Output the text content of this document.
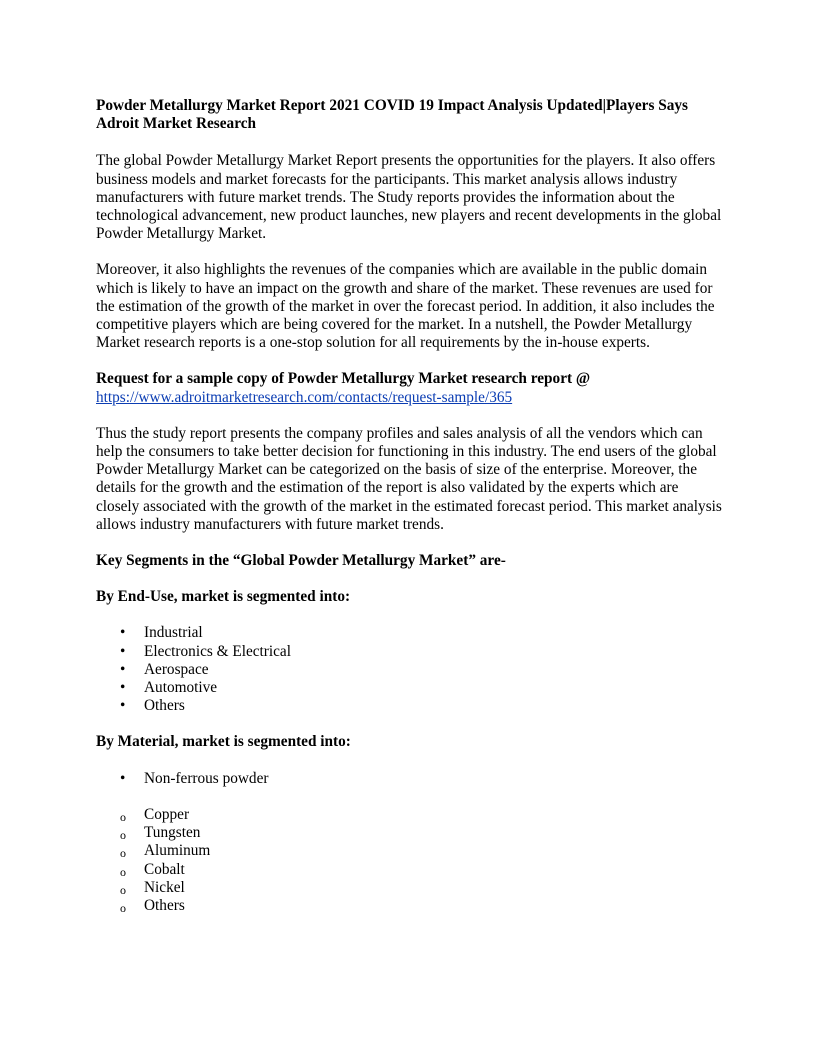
Powder Metallurgy Market Report 2021 COVID 19 Impact Analysis Updated|Players Says Adroit Market Research

The global Powder Metallurgy Market Report presents the opportunities for the players. It also offers business models and market forecasts for the participants. This market analysis allows industry manufacturers with future market trends. The Study reports provides the information about the technological advancement, new product launches, new players and recent developments in the global Powder Metallurgy Market.

Moreover, it also highlights the revenues of the companies which are available in the public domain which is likely to have an impact on the growth and share of the market. These revenues are used for the estimation of the growth of the market in over the forecast period. In addition, it also includes the competitive players which are being covered for the market. In a nutshell, the Powder Metallurgy Market research reports is a one-stop solution for all requirements by the in-house experts.

Request for a sample copy of Powder Metallurgy Market research report @
https://www.adroitmarketresearch.com/contacts/request-sample/365

Thus the study report presents the company profiles and sales analysis of all the vendors which can help the consumers to take better decision for functioning in this industry. The end users of the global Powder Metallurgy Market can be categorized on the basis of size of the enterprise. Moreover, the details for the growth and the estimation of the report is also validated by the experts which are closely associated with the growth of the market in the estimated forecast period. This market analysis allows industry manufacturers with future market trends.

Key Segments in the “Global Powder Metallurgy Market” are-
By End-Use, market is segmented into:
• Industrial
• Electronics & Electrical
• Aerospace
• Automotive
• Others
By Material, market is segmented into:
• Non-ferrous powder
o Copper
o Tungsten
o Aluminum
o Cobalt
o Nickel
o Others
